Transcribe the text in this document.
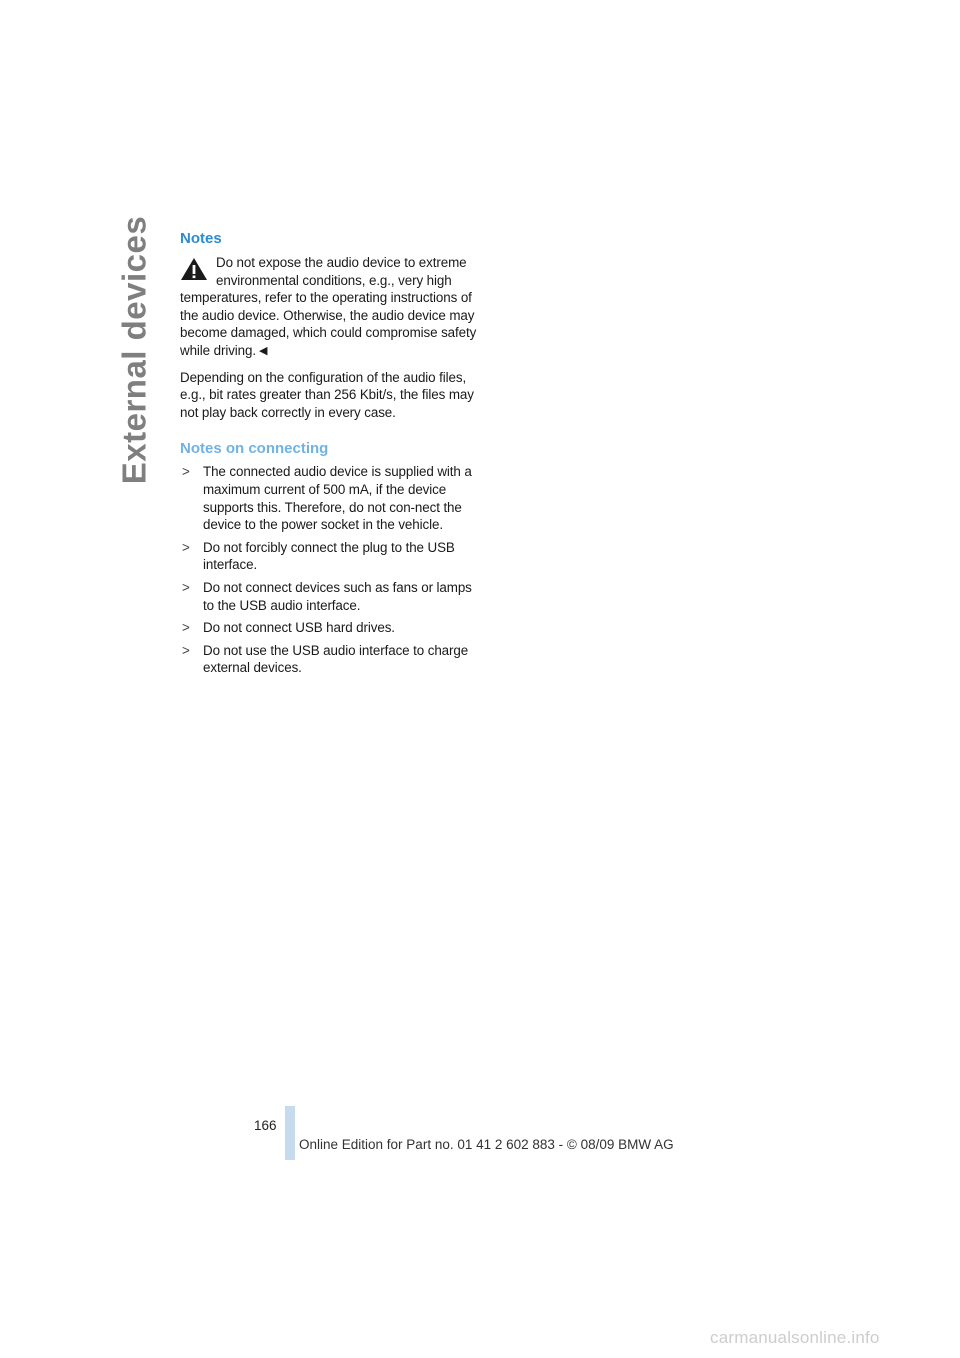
External devices Notes

Do not expose the audio device to extreme environmental conditions, e.g., very high temperatures, refer to the operating instructions of the audio device. Otherwise, the audio device may become damaged, which could compromise safety while driving. ◀

Depending on the configuration of the audio files, e.g., bit rates greater than 256 Kbit/s, the files may not play back correctly in every case.

Notes on connecting
> The connected audio device is supplied with a maximum current of 500 mA, if the device supports this. Therefore, do not con-nect the device to the power socket in the vehicle.
> Do not forcibly connect the plug to the USB interface.
> Do not connect devices such as fans or lamps to the USB audio interface.
> Do not connect USB hard drives.
> Do not use the USB audio interface to charge external devices.
166
Online Edition for Part no. 01 41 2 602 883 - © 08/09 BMW AG
carmanualsonline.info
